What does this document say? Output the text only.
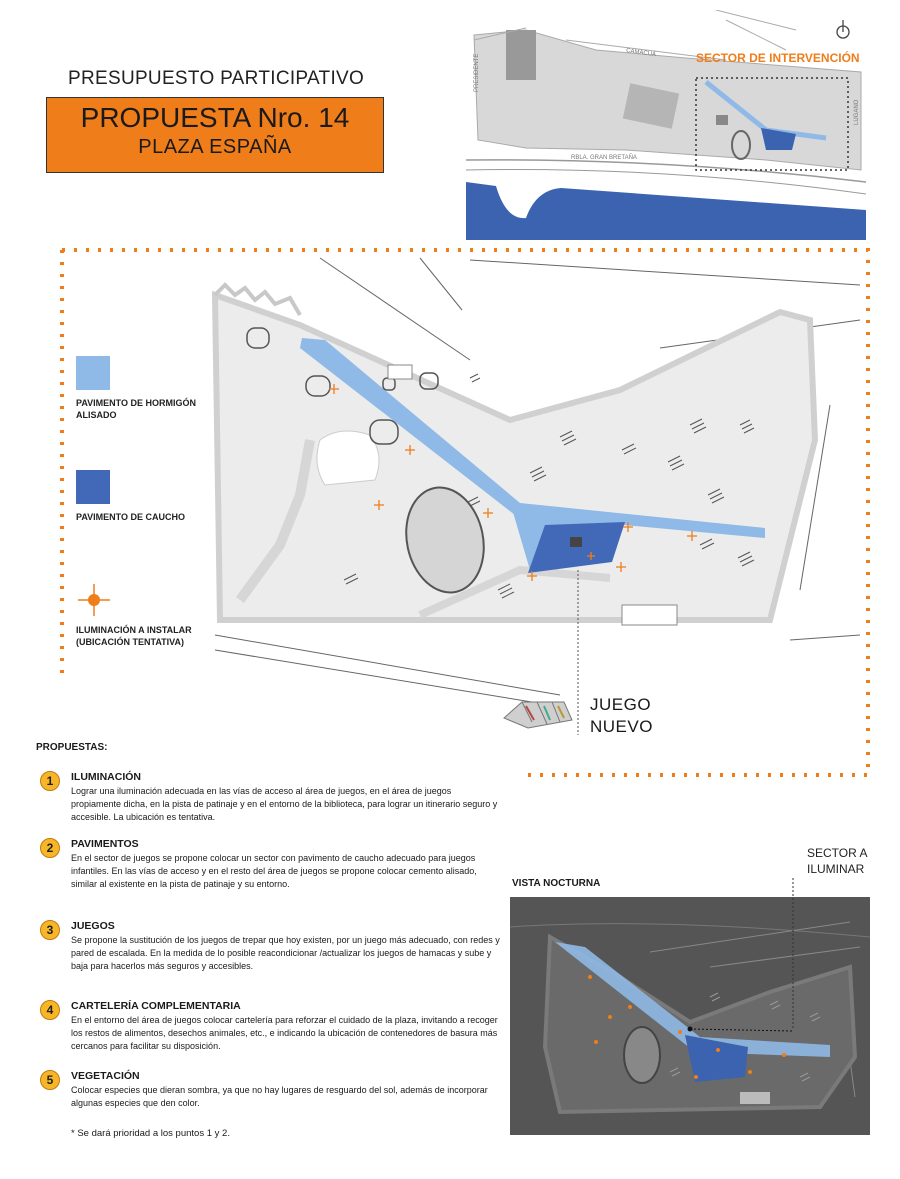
PRESUPUESTO PARTICIPATIVO
PROPUESTA Nro. 14
PLAZA ESPAÑA
CAMACUÁ
PRESIDENTE
RBLA. GRAN BRETAÑA
LUGANO
SECTOR DE INTERVENCIÓN
JUEGO NUEVO
PAVIMENTO DE HORMIGÓN ALISADO
PAVIMENTO DE CAUCHO
ILUMINACIÓN A INSTALAR (UBICACIÓN TENTATIVA)
PROPUESTAS:
1	ILUMINACIÓN
Lograr una iluminación adecuada en las vías de acceso al área de juegos, en el área de juegos propiamente dicha, en la pista de patinaje y en el entorno de la biblioteca, para lograr un itinerario seguro y accesible. La ubicación es tentativa.
2	PAVIMENTOS
En el sector de juegos se propone colocar un sector con pavimento de caucho adecuado para juegos infantiles. En las vías de acceso y en el resto del área de juegos se propone colocar cemento alisado, similar al existente en la pista de patinaje y su entorno.
3	JUEGOS
Se propone la sustitución de los juegos de trepar que hoy existen, por un juego más adecuado, con redes y pared de escalada. En la medida de lo posible reacondicionar /actualizar los juegos de hamacas y sube y baja para hacerlos más seguros y accesibles.
4	CARTELERÍA COMPLEMENTARIA
En el entorno del área de juegos colocar cartelería para reforzar el cuidado de la plaza, invitando a recoger los restos de alimentos, desechos animales, etc., e indicando la ubicación de contenedores de basura más cercanos para facilitar su disposición.
5	VEGETACIÓN
Colocar especies que dieran sombra, ya que no hay lugares de resguardo del sol, además de incorporar algunas especies que den color.
* Se dará prioridad a los puntos 1 y 2.
VISTA NOCTURNA
SECTOR A ILUMINAR
